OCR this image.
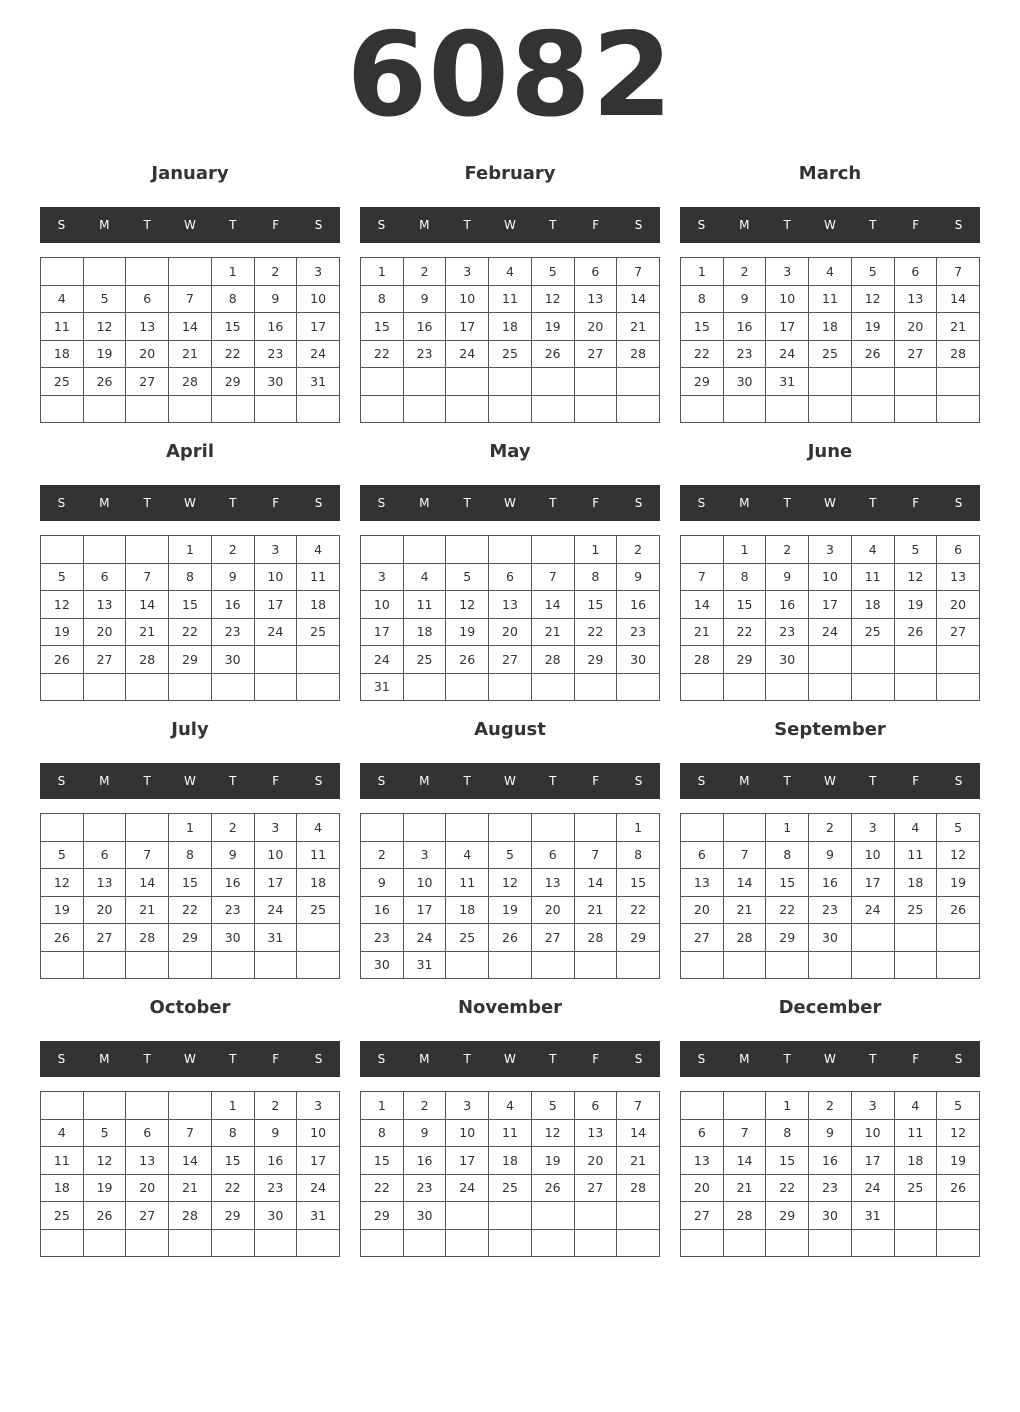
6082
January
S	M	T	W	T	F	S
				1	2	3
4	5	6	7	8	9	10
11	12	13	14	15	16	17
18	19	20	21	22	23	24
25	26	27	28	29	30	31

February
S	M	T	W	T	F	S
1	2	3	4	5	6	7
8	9	10	11	12	13	14
15	16	17	18	19	20	21
22	23	24	25	26	27	28

March
S	M	T	W	T	F	S
1	2	3	4	5	6	7
8	9	10	11	12	13	14
15	16	17	18	19	20	21
22	23	24	25	26	27	28
29	30	31				

April
S	M	T	W	T	F	S
			1	2	3	4
5	6	7	8	9	10	11
12	13	14	15	16	17	18
19	20	21	22	23	24	25
26	27	28	29	30		

May
S	M	T	W	T	F	S
					1	2
3	4	5	6	7	8	9
10	11	12	13	14	15	16
17	18	19	20	21	22	23
24	25	26	27	28	29	30
31						
June
S	M	T	W	T	F	S
	1	2	3	4	5	6
7	8	9	10	11	12	13
14	15	16	17	18	19	20
21	22	23	24	25	26	27
28	29	30				

July
S	M	T	W	T	F	S
			1	2	3	4
5	6	7	8	9	10	11
12	13	14	15	16	17	18
19	20	21	22	23	24	25
26	27	28	29	30	31	

August
S	M	T	W	T	F	S
						1
2	3	4	5	6	7	8
9	10	11	12	13	14	15
16	17	18	19	20	21	22
23	24	25	26	27	28	29
30	31					
September
S	M	T	W	T	F	S
		1	2	3	4	5
6	7	8	9	10	11	12
13	14	15	16	17	18	19
20	21	22	23	24	25	26
27	28	29	30			

October
S	M	T	W	T	F	S
				1	2	3
4	5	6	7	8	9	10
11	12	13	14	15	16	17
18	19	20	21	22	23	24
25	26	27	28	29	30	31

November
S	M	T	W	T	F	S
1	2	3	4	5	6	7
8	9	10	11	12	13	14
15	16	17	18	19	20	21
22	23	24	25	26	27	28
29	30					

December
S	M	T	W	T	F	S
		1	2	3	4	5
6	7	8	9	10	11	12
13	14	15	16	17	18	19
20	21	22	23	24	25	26
27	28	29	30	31		
